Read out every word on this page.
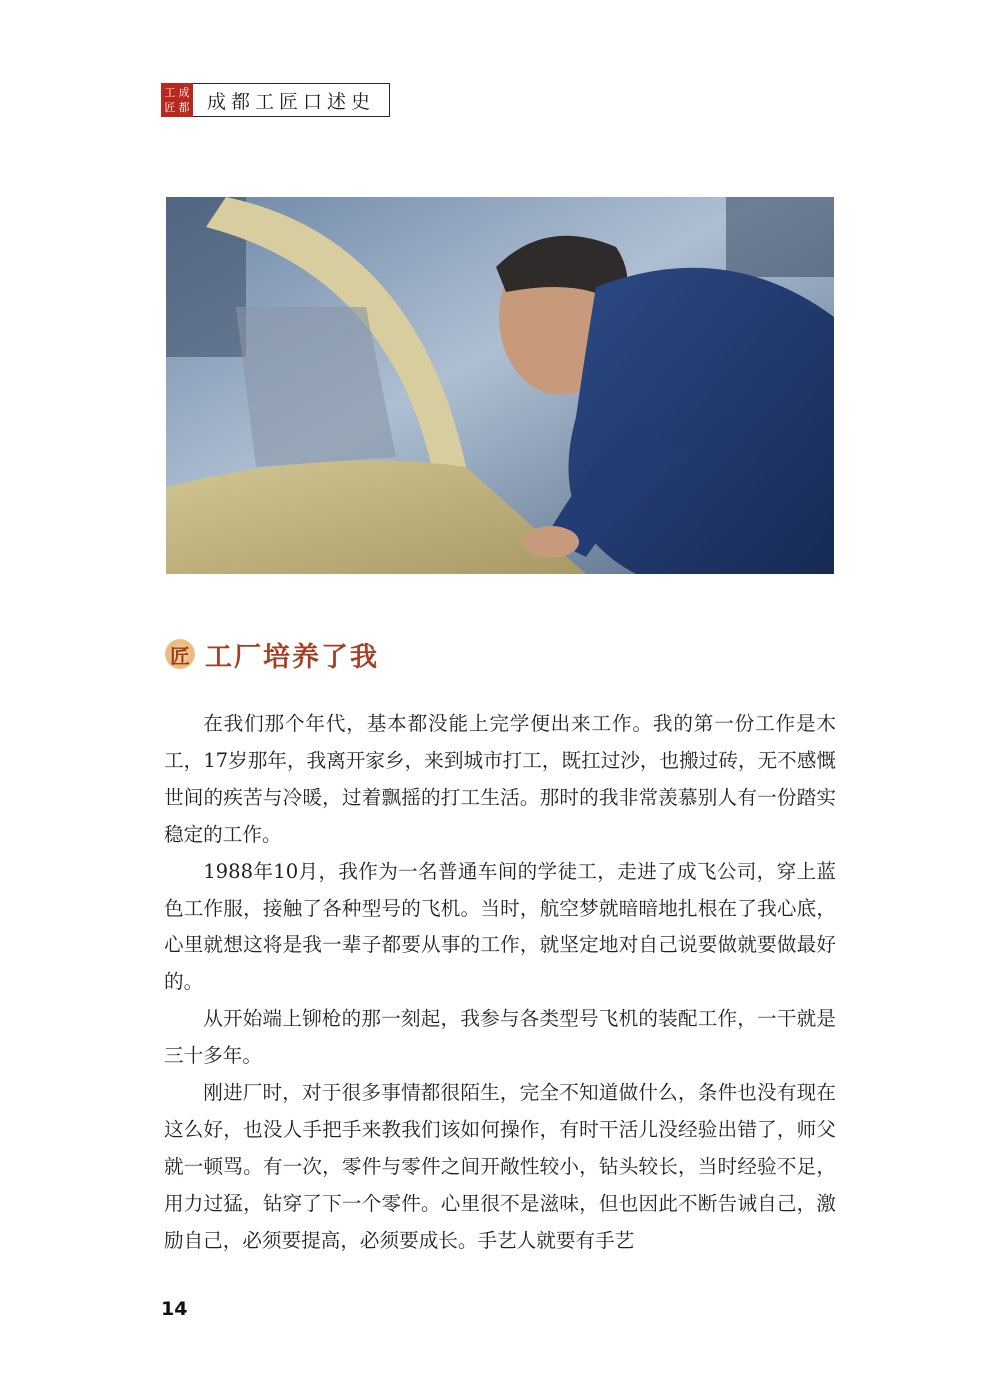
工 成
匠 都 成都工匠口述史
匠 工厂培养了我

在我们那个年代，基本都没能上完学便出来工作。我的第一份工作是木工，17岁那年，我离开家乡，来到城市打工，既扛过沙，也搬过砖，无不感慨世间的疾苦与冷暖，过着飘摇的打工生活。那时的我非常羡慕别人有一份踏实稳定的工作。

1988年10月，我作为一名普通车间的学徒工，走进了成飞公司，穿上蓝色工作服，接触了各种型号的飞机。当时，航空梦就暗暗地扎根在了我心底，心里就想这将是我一辈子都要从事的工作，就坚定地对自己说要做就要做最好的。

从开始端上铆枪的那一刻起，我参与各类型号飞机的装配工作，一干就是三十多年。

刚进厂时，对于很多事情都很陌生，完全不知道做什么，条件也没有现在这么好，也没人手把手来教我们该如何操作，有时干活儿没经验出错了，师父就一顿骂。有一次，零件与零件之间开敞性较小，钻头较长，当时经验不足，用力过猛，钻穿了下一个零件。心里很不是滋味，但也因此不断告诫自己，激励自己，必须要提高，必须要成长。手艺人就要有手艺

14
